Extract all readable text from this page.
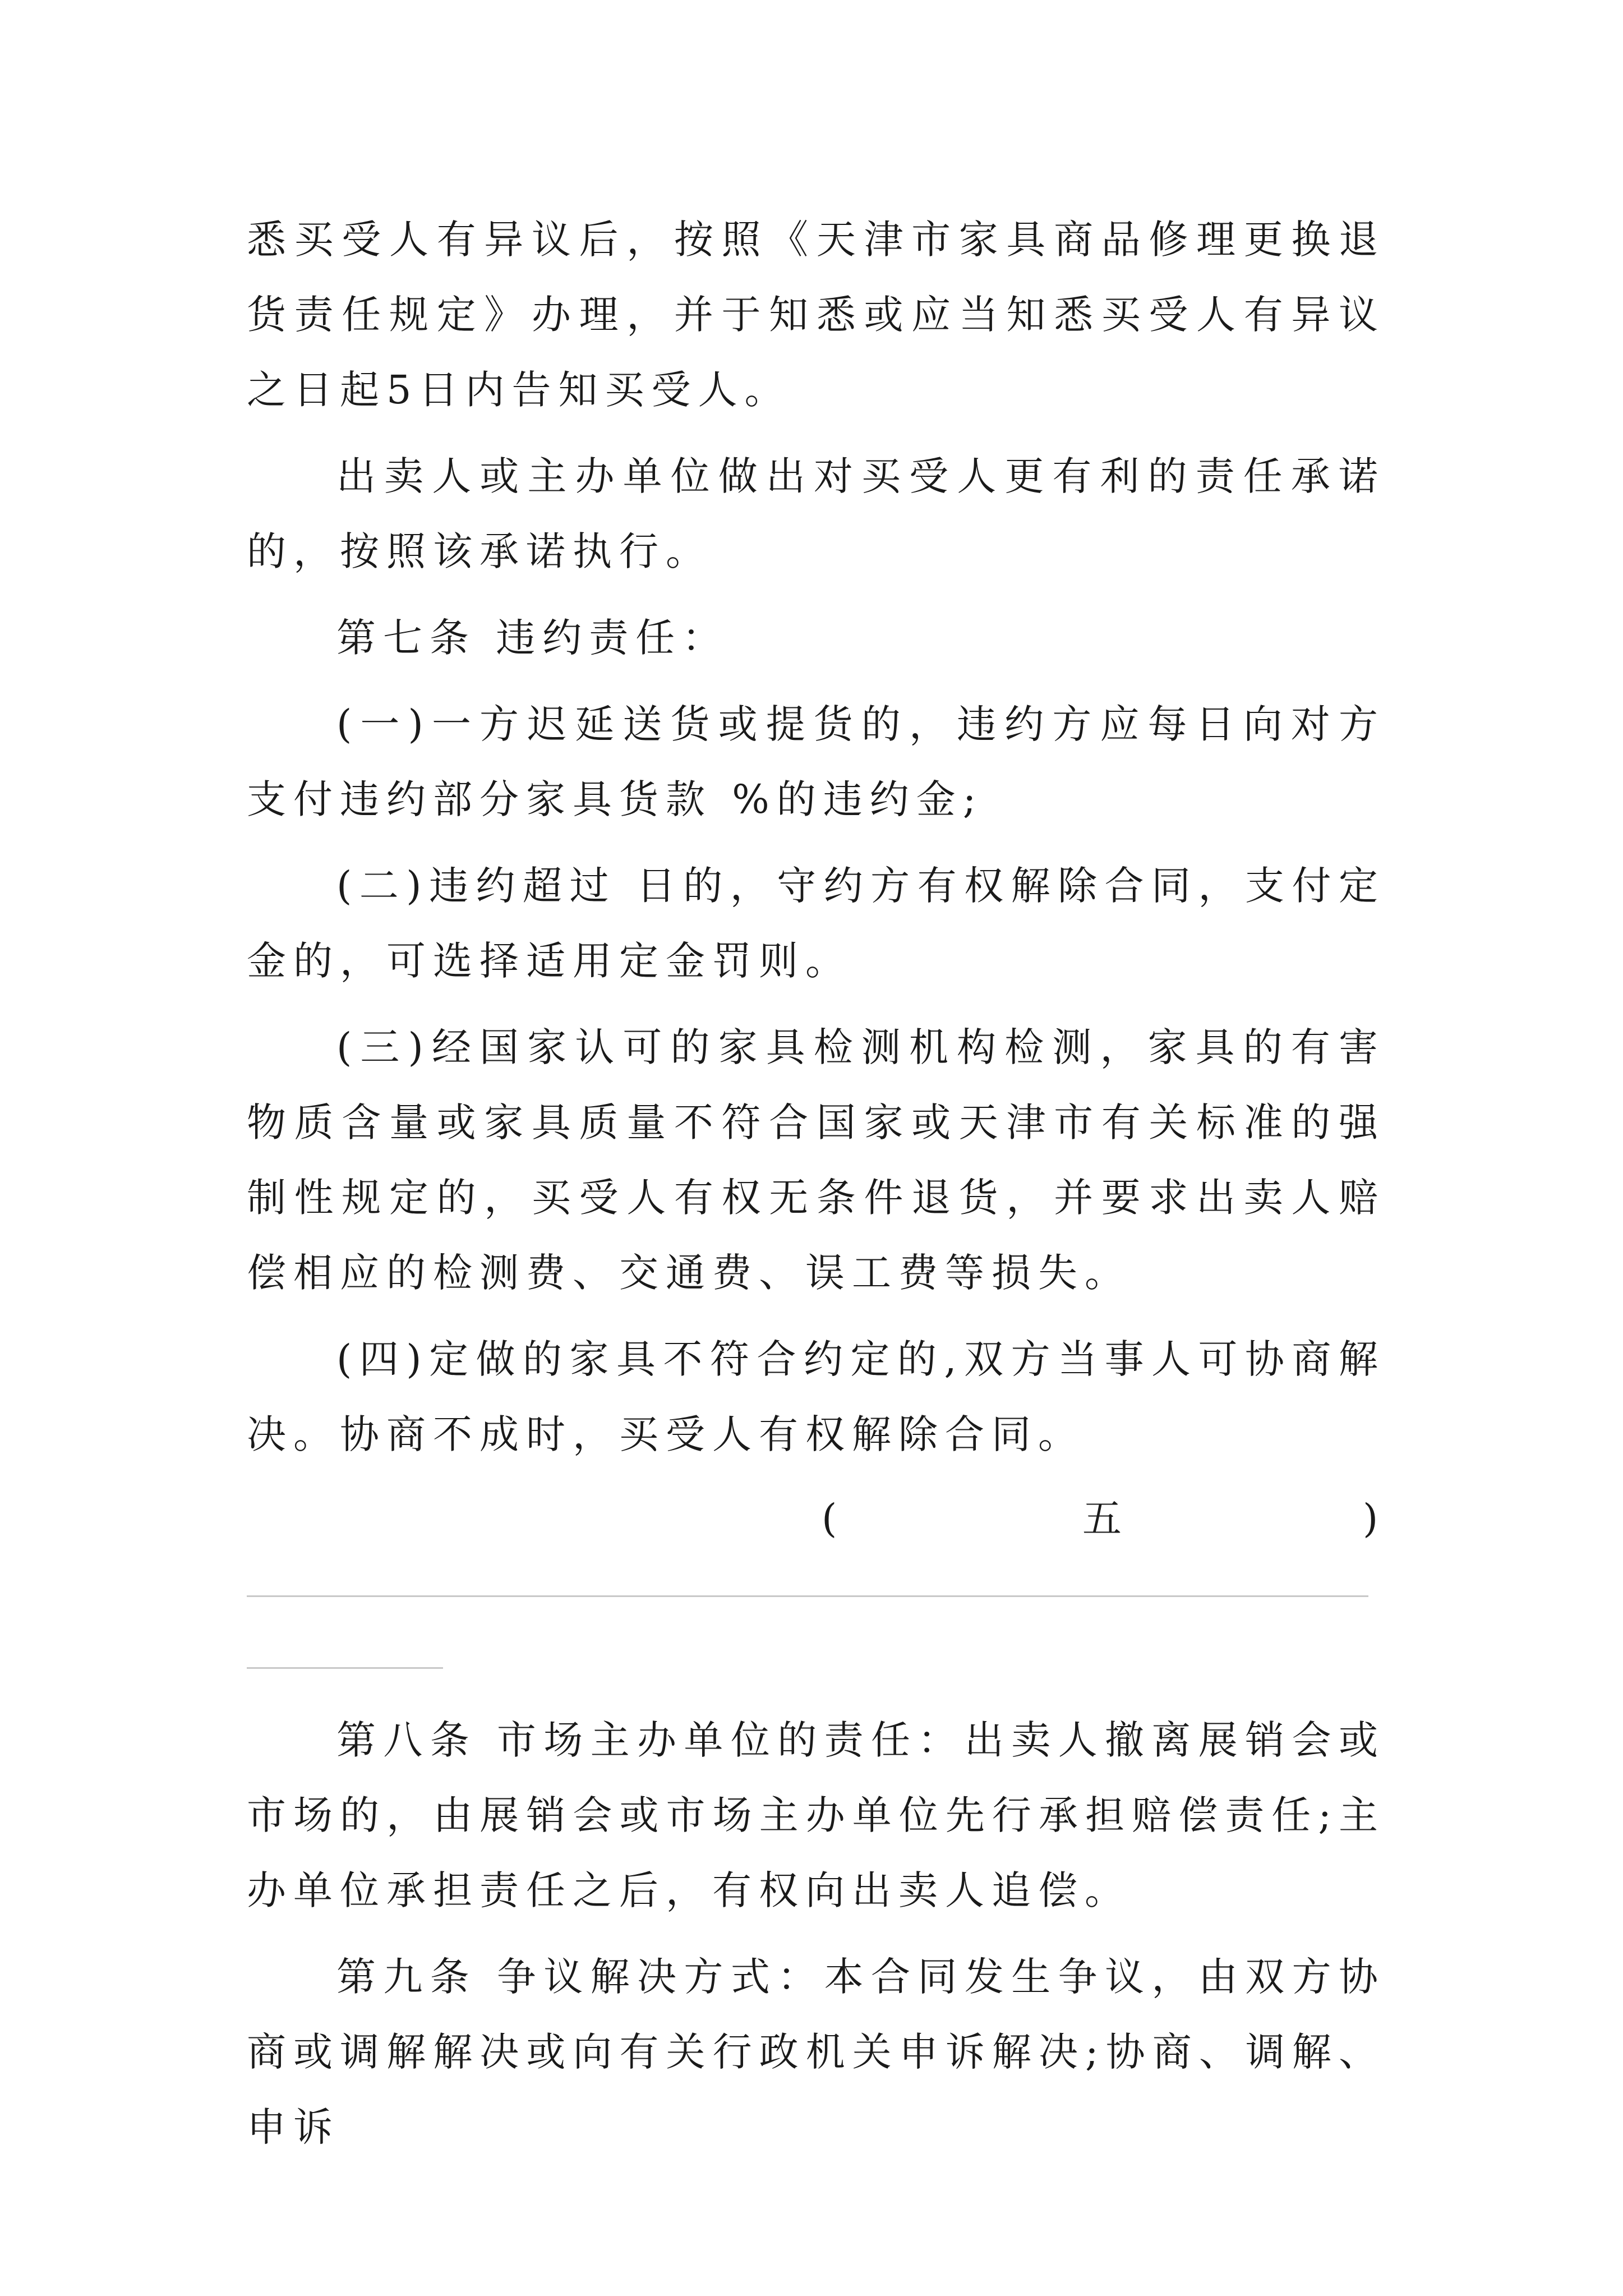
悉买受人有异议后，按照《天津市家具商品修理更换退货责任规定》办理，并于知悉或应当知悉买受人有异议之日起5日内告知买受人。

出卖人或主办单位做出对买受人更有利的责任承诺的，按照该承诺执行。

第七条 违约责任：

(一)一方迟延送货或提货的，违约方应每日向对方支付违约部分家具货款 %的违约金;

(二)违约超过 日的，守约方有权解除合同，支付定金的，可选择适用定金罚则。

(三)经国家认可的家具检测机构检测，家具的有害物质含量或家具质量不符合国家或天津市有关标准的强制性规定的，买受人有权无条件退货，并要求出卖人赔偿相应的检测费、交通费、误工费等损失。

(四)定做的家具不符合约定的,双方当事人可协商解决。协商不成时，买受人有权解除合同。

(	五	)

第八条 市场主办单位的责任：出卖人撤离展销会或市场的，由展销会或市场主办单位先行承担赔偿责任;主办单位承担责任之后，有权向出卖人追偿。

第九条 争议解决方式：本合同发生争议，由双方协商或调解解决或向有关行政机关申诉解决;协商、调解、申诉
